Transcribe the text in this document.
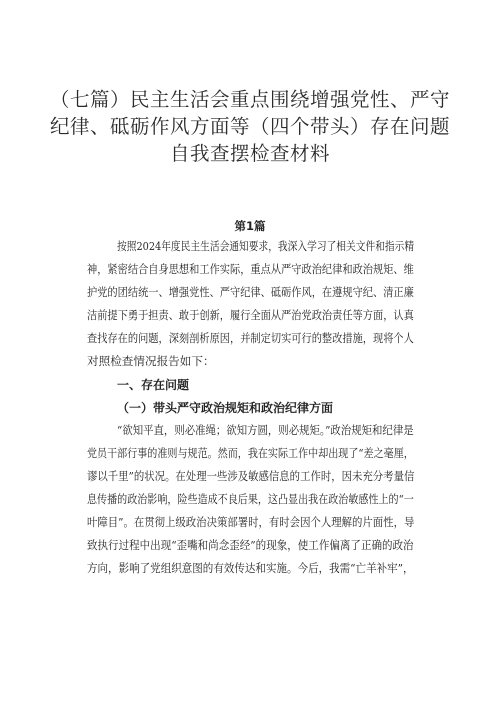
（七篇）民主生活会重点围绕增强党性、严守
纪律、砥砺作风方面等（四个带头）存在问题
自我查摆检查材料
第1篇
按照2024年度民主生活会通知要求，我深入学习了相关文件和指示精
神，紧密结合自身思想和工作实际，重点从严守政治纪律和政治规矩、维
护党的团结统一、增强党性、严守纪律、砥砺作风，在遵规守纪、清正廉
洁前提下勇于担责、敢于创新，履行全面从严治党政治责任等方面，认真
查找存在的问题，深刻剖析原因，并制定切实可行的整改措施，现将个人
对照检查情况报告如下：
一、存在问题
（一）带头严守政治规矩和政治纪律方面
“欲知平直，则必准绳；欲知方圆，则必规矩。”政治规矩和纪律是
党员干部行事的准则与规范。然而，我在实际工作中却出现了“差之毫厘，
谬以千里”的状况。在处理一些涉及敏感信息的工作时，因未充分考量信
息传播的政治影响，险些造成不良后果，这凸显出我在政治敏感性上的“一
叶障目”。在贯彻上级政治决策部署时，有时会因个人理解的片面性，导
致执行过程中出现“歪嘴和尚念歪经”的现象，使工作偏离了正确的政治
方向，影响了党组织意图的有效传达和实施。今后，我需“亡羊补牢”，
